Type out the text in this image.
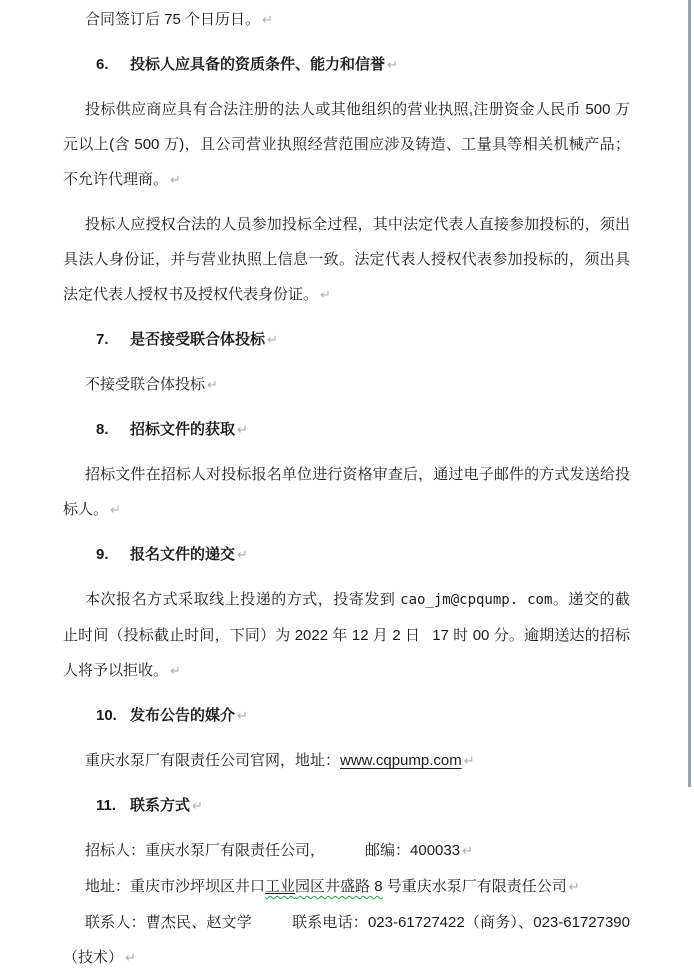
合同签订后 75 个日历日。 ↵

6.	投标人应具备的资质条件、能力和信誉 ↵

投标供应商应具有合法注册的法人或其他组织的营业执照,注册资金人民币 500 万元以上(含 500 万)，且公司营业执照经营范围应涉及铸造、工量具等相关机械产品；不允许代理商。 ↵

投标人应授权合法的人员参加投标全过程，其中法定代表人直接参加投标的，须出具法人身份证，并与营业执照上信息一致。法定代表人授权代表参加投标的，须出具法定代表人授权书及授权代表身份证。 ↵

7.	是否接受联合体投标 ↵

不接受联合体投标 ↵

8.	招标文件的获取 ↵

招标文件在招标人对投标报名单位进行资格审查后，通过电子邮件的方式发送给投标人。 ↵

9.	报名文件的递交 ↵

本次报名方式采取线上投递的方式，投寄发到 cao_jm@cpqump. com。递交的截止时间（投标截止时间，下同）为 2022 年 12 月 2 日 17 时 00 分。逾期送达的招标人将予以拒收。 ↵

10. 发布公告的媒介 ↵

重庆水泵厂有限责任公司官网，地址：www.cqpump.com ↵

11. 联系方式 ↵

招标人：重庆水泵厂有限责任公司，	邮编：400033 ↵

地址：重庆市沙坪坝区井口工业园区井盛路 8 号重庆水泵厂有限责任公司 ↵

联系人：曹杰民、赵文学	联系电话：023-61727422（商务）、023-61727390（技术） ↵
